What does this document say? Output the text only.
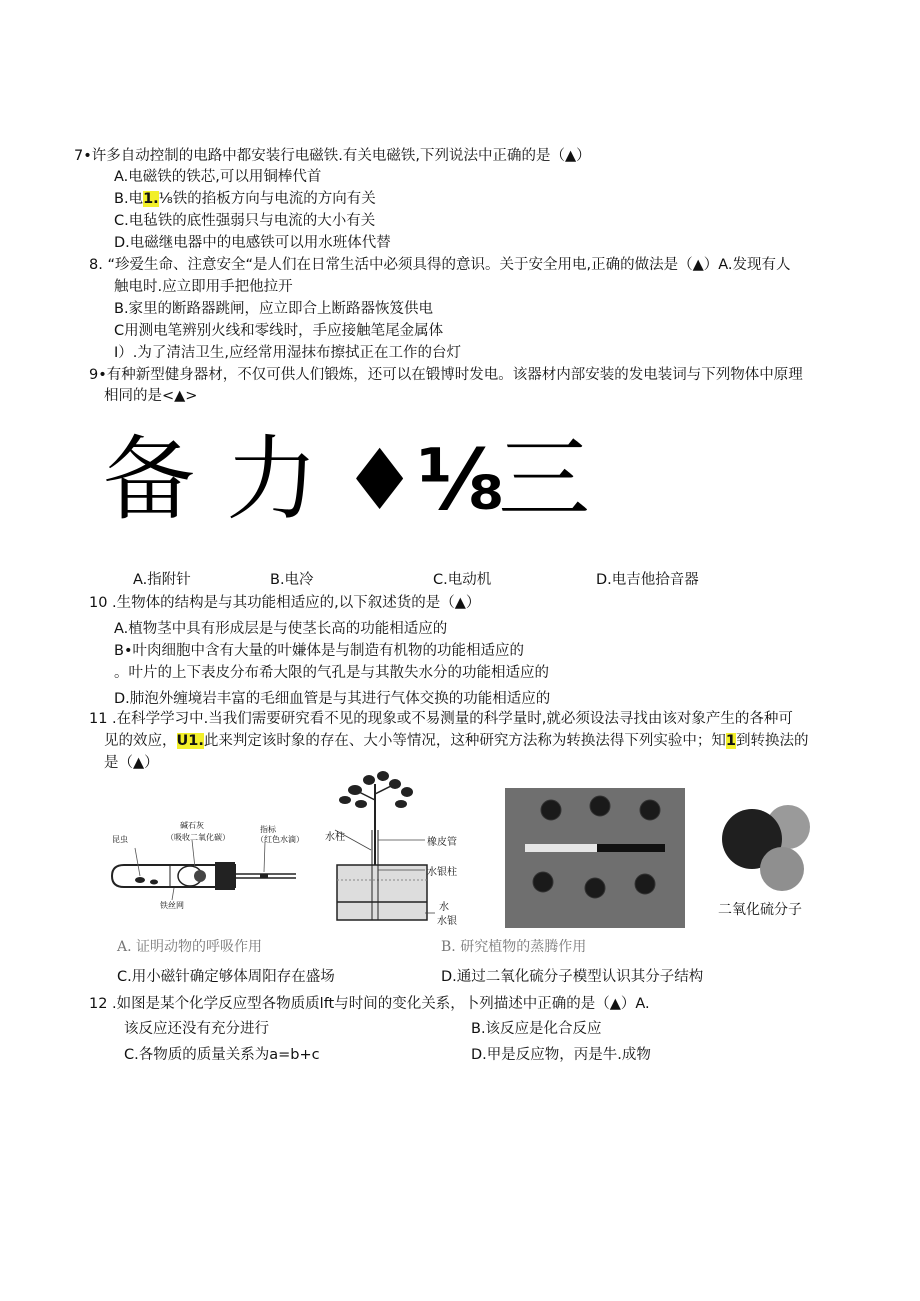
7•许多自动控制的电路中都安装行电磁铁.有关电磁铁,下列说法中正确的是（▲）
A.电磁铁的铁芯,可以用铜棒代首
B.电1.⅛铁的掐板方向与电流的方向有关
C.电毡铁的底性强弱只与电流的大小有关
D.电磁继电器中的电感铁可以用水班体代替
8. “珍爱生命、注意安全“是人们在日常生活中必须具得的意识。关于安全用电,正确的做法是（▲）A.发现有人
触电时.应立即用手把他拉开
B.家里的断路器跳闸，应立即合上断路器恢笈供电
C用测电笔辨别火线和零线时，手应接触笔尾金属体
I）.为了清洁卫生,应经常用湿抹布擦拭正在工作的台灯
9•有种新型健身器材，不仅可供人们锻炼，还可以在锻博时发电。该器材内部安装的发电装词与下列物体中原理
相同的是<▲>
备 力 ♦⅛
三
A.指附针	B.电冷	C.电动机	D.电吉他拾音器
10 .生物体的结构是与其功能相适应的,以下叙述货的是（▲）
A.植物茎中具有形成层是与使茎长高的功能相适应的
B•叶肉细胞中含有大量的叶嫌体是与制造有机物的功能相适应的
。叶片的上下表皮分布希大限的气孔是与其散失水分的功能相适应的
D.肺泡外缠境岩丰富的毛细血管是与其进行气体交换的功能相适应的
11 .在科学学习中.当我们需要研究看不见的现象或不易测量的科学量时,就必须设法寻找由该对象产生的各种可
见的效应，U1.此来判定该时象的存在、大小等情况，这种研究方法称为转换法得下列实验中；知1到转换法的
是（▲）
昆虫
碱石灰
（吸收二氧化碳）
指标
（红色水滴）
铁丝网
水柱	橡皮管
水银柱
水
水银
二氧化硫分子
A. 证明动物的呼吸作用	B. 研究植物的蒸腾作用
C.用小磁针确定够体周阳存在盛场	D.通过二氧化硫分子模型认识其分子结构
12 .如图是某个化学反应型各物质质lft与时间的变化关系，卜列描述中正确的是（▲）A.
该反应还没有充分进行	B.该反应是化合反应
C.各物质的质量关系为a=b+c	D.甲是反应物，丙是牛.成物
